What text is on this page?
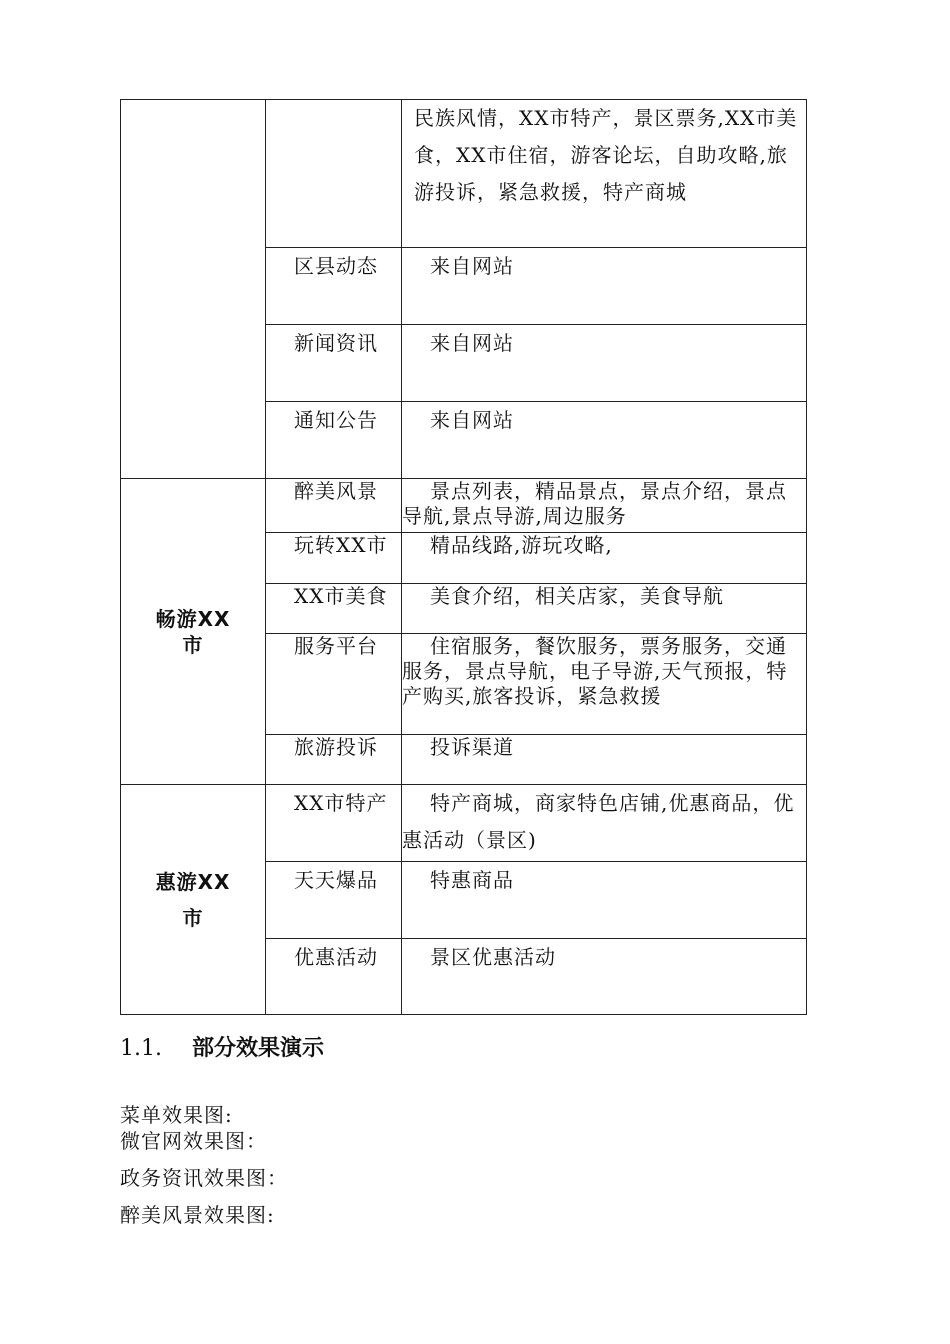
		民族风情，XX市特产，景区票务,XX市美食，XX市住宿，游客论坛，自助攻略,旅游投诉，紧急救援，特产商城

	区县动态	来自网站

	新闻资讯	来自网站

	通知公告	来自网站

畅游XX市	醉美风景	景点列表，精品景点，景点介绍，景点导航,景点导游,周边服务

	玩转XX市	精品线路,游玩攻略,

	XX市美食	美食介绍，相关店家，美食导航

	服务平台	住宿服务，餐饮服务，票务服务，交通服务，景点导航，电子导游,天气预报，特产购买,旅客投诉，紧急救援

	旅游投诉	投诉渠道

惠游XX市	XX市特产	特产商城，商家特色店铺,优惠商品，优惠活动（景区)

	天天爆品	特惠商品

	优惠活动	景区优惠活动
1.1. 部分效果演示
菜单效果图:
微官网效果图：
政务资讯效果图：
醉美风景效果图:
